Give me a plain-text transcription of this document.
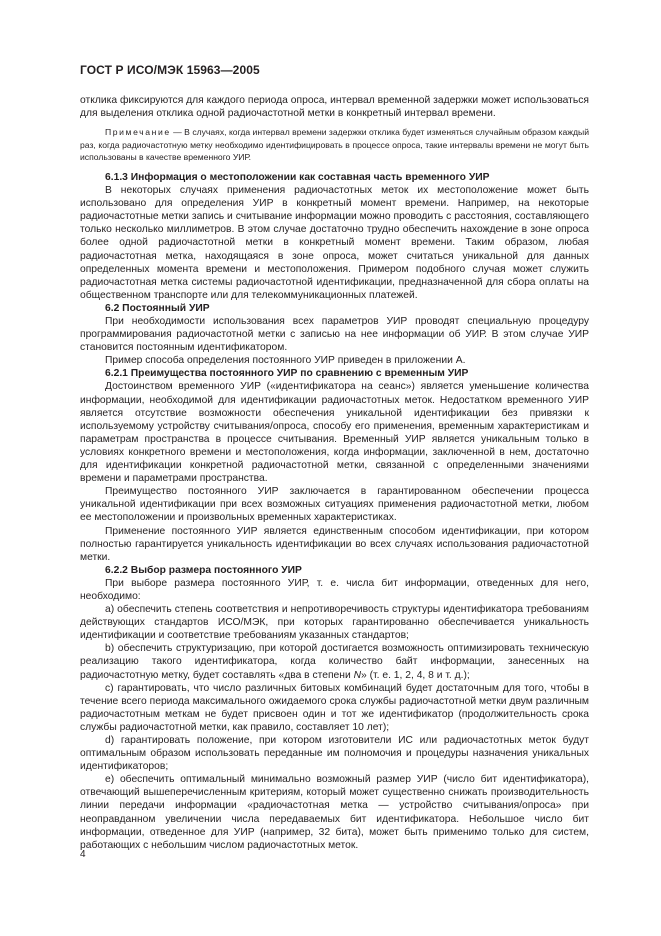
ГОСТ Р ИСО/МЭК 15963—2005

отклика фиксируются для каждого периода опроса, интервал временной задержки может использоваться для выделения отклика одной радиочастотной метки в конкретный интервал времени.

Примечание — В случаях, когда интервал времени задержки отклика будет изменяться случайным образом каждый раз, когда радиочастотную метку необходимо идентифицировать в процессе опроса, такие интервалы времени не могут быть использованы в качестве временного УИР.

6.1.3 Информация о местоположении как составная часть временного УИР

В некоторых случаях применения радиочастотных меток их местоположение может быть использовано для определения УИР в конкретный момент времени. Например, на некоторые радиочастотные метки запись и считывание информации можно проводить с расстояния, составляющего только несколько миллиметров. В этом случае достаточно трудно обеспечить нахождение в зоне опроса более одной радиочастотной метки в конкретный момент времени. Таким образом, любая радиочастотная метка, находящаяся в зоне опроса, может считаться уникальной для данных определенных момента времени и местоположения. Примером подобного случая может служить радиочастотная метка системы радиочастотной идентификации, предназначенной для сбора оплаты на общественном транспорте или для телекоммуникационных платежей.

6.2 Постоянный УИР

При необходимости использования всех параметров УИР проводят специальную процедуру программирования радиочастотной метки с записью на нее информации об УИР. В этом случае УИР становится постоянным идентификатором.

Пример способа определения постоянного УИР приведен в приложении А.

6.2.1 Преимущества постоянного УИР по сравнению с временным УИР

Достоинством временного УИР («идентификатора на сеанс») является уменьшение количества информации, необходимой для идентификации радиочастотных меток. Недостатком временного УИР является отсутствие возможности обеспечения уникальной идентификации без привязки к используемому устройству считывания/опроса, способу его применения, временным характеристикам и параметрам пространства в процессе считывания. Временный УИР является уникальным только в условиях конкретного времени и местоположения, когда информации, заключенной в нем, достаточно для идентификации конкретной радиочастотной метки, связанной с определенными значениями времени и параметрами пространства.

Преимущество постоянного УИР заключается в гарантированном обеспечении процесса уникальной идентификации при всех возможных ситуациях применения радиочастотной метки, любом ее местоположении и произвольных временных характеристиках.

Применение постоянного УИР является единственным способом идентификации, при котором полностью гарантируется уникальность идентификации во всех случаях использования радиочастотной метки.

6.2.2 Выбор размера постоянного УИР

При выборе размера постоянного УИР, т. е. числа бит информации, отведенных для него, необходимо:

a) обеспечить степень соответствия и непротиворечивость структуры идентификатора требованиям действующих стандартов ИСО/МЭК, при которых гарантированно обеспечивается уникальность идентификации и соответствие требованиям указанных стандартов;

b) обеспечить структуризацию, при которой достигается возможность оптимизировать техническую реализацию такого идентификатора, когда количество байт информации, занесенных на радиочастотную метку, будет составлять «два в степени N» (т. е. 1, 2, 4, 8 и т. д.);

c) гарантировать, что число различных битовых комбинаций будет достаточным для того, чтобы в течение всего периода максимального ожидаемого срока службы радиочастотной метки двум различным радиочастотным меткам не будет присвоен один и тот же идентификатор (продолжительность срока службы радиочастотной метки, как правило, составляет 10 лет);

d) гарантировать положение, при котором изготовители ИС или радиочастотных меток будут оптимальным образом использовать переданные им полномочия и процедуры назначения уникальных идентификаторов;

e) обеспечить оптимальный минимально возможный размер УИР (число бит идентификатора), отвечающий вышеперечисленным критериям, который может существенно снижать производительность линии передачи информации «радиочастотная метка — устройство считывания/опроса» при неоправданном увеличении числа передаваемых бит идентификатора. Небольшое число бит информации, отведенное для УИР (например, 32 бита), может быть применимо только для систем, работающих с небольшим числом радиочастотных меток.

4
